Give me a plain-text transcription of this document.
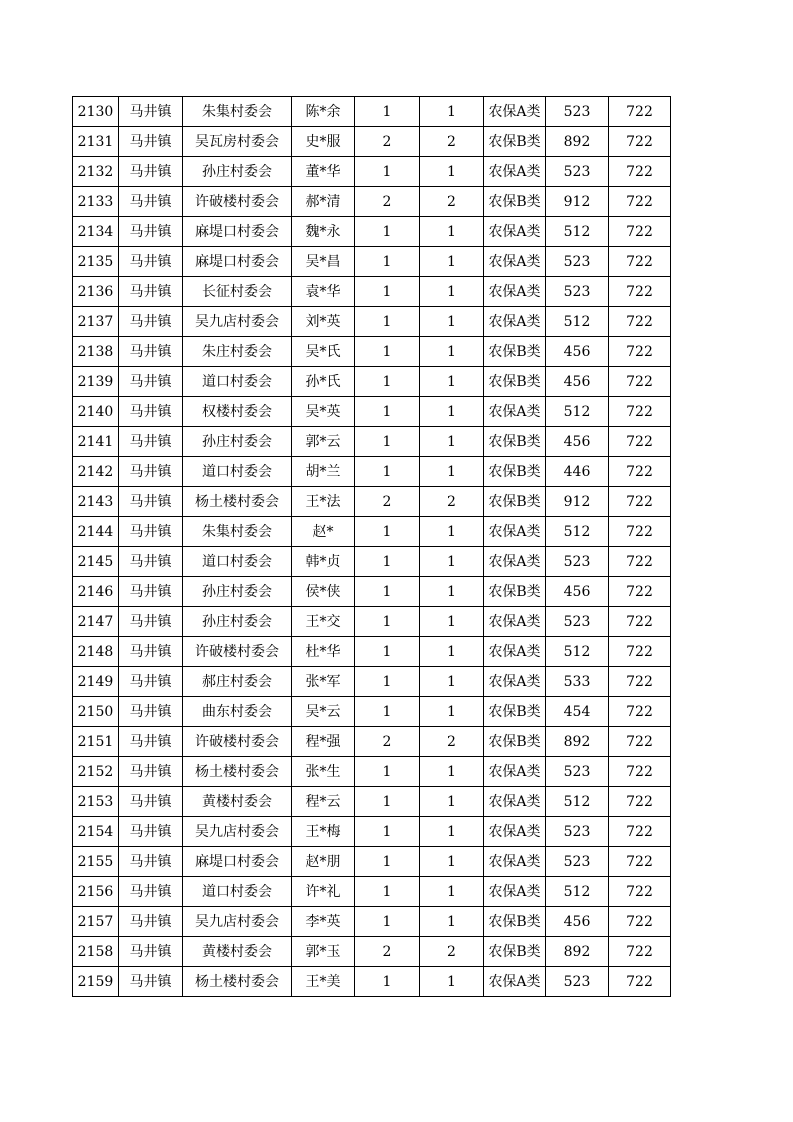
2130	马井镇	朱集村委会	陈*余	1	1	农保A类	523	722
2131	马井镇	吴瓦房村委会	史*服	2	2	农保B类	892	722
2132	马井镇	孙庄村委会	董*华	1	1	农保A类	523	722
2133	马井镇	许破楼村委会	郝*清	2	2	农保B类	912	722
2134	马井镇	麻堤口村委会	魏*永	1	1	农保A类	512	722
2135	马井镇	麻堤口村委会	吴*昌	1	1	农保A类	523	722
2136	马井镇	长征村委会	袁*华	1	1	农保A类	523	722
2137	马井镇	吴九店村委会	刘*英	1	1	农保A类	512	722
2138	马井镇	朱庄村委会	吴*氏	1	1	农保B类	456	722
2139	马井镇	道口村委会	孙*氏	1	1	农保B类	456	722
2140	马井镇	权楼村委会	吴*英	1	1	农保A类	512	722
2141	马井镇	孙庄村委会	郭*云	1	1	农保B类	456	722
2142	马井镇	道口村委会	胡*兰	1	1	农保B类	446	722
2143	马井镇	杨土楼村委会	王*法	2	2	农保B类	912	722
2144	马井镇	朱集村委会	赵*	1	1	农保A类	512	722
2145	马井镇	道口村委会	韩*贞	1	1	农保A类	523	722
2146	马井镇	孙庄村委会	侯*侠	1	1	农保B类	456	722
2147	马井镇	孙庄村委会	王*交	1	1	农保A类	523	722
2148	马井镇	许破楼村委会	杜*华	1	1	农保A类	512	722
2149	马井镇	郝庄村委会	张*军	1	1	农保A类	533	722
2150	马井镇	曲东村委会	吴*云	1	1	农保B类	454	722
2151	马井镇	许破楼村委会	程*强	2	2	农保B类	892	722
2152	马井镇	杨土楼村委会	张*生	1	1	农保A类	523	722
2153	马井镇	黄楼村委会	程*云	1	1	农保A类	512	722
2154	马井镇	吴九店村委会	王*梅	1	1	农保A类	523	722
2155	马井镇	麻堤口村委会	赵*朋	1	1	农保A类	523	722
2156	马井镇	道口村委会	许*礼	1	1	农保A类	512	722
2157	马井镇	吴九店村委会	李*英	1	1	农保B类	456	722
2158	马井镇	黄楼村委会	郭*玉	2	2	农保B类	892	722
2159	马井镇	杨土楼村委会	王*美	1	1	农保A类	523	722
